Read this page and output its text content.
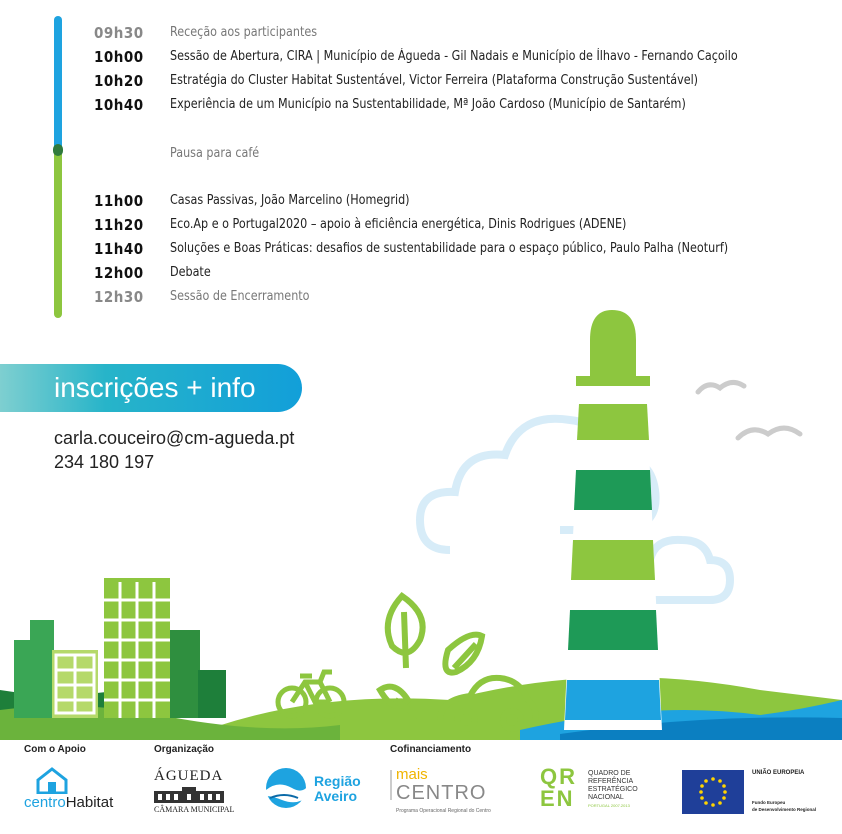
09h30	Receção aos participantes
10h00	Sessão de Abertura, CIRA | Município de Águeda - Gil Nadais e Município de Ílhavo - Fernando Caçoilo
10h20	Estratégia do Cluster Habitat Sustentável, Victor Ferreira (Plataforma Construção Sustentável)
10h40	Experiência de um Município na Sustentabilidade, Mª João Cardoso (Município de Santarém)
Pausa para café
11h00	Casas Passivas, João Marcelino (Homegrid)
11h20	Eco.Ap e o Portugal2020 – apoio à eficiência energética, Dinis Rodrigues (ADENE)
11h40	Soluções e Boas Práticas: desafios de sustentabilidade para o espaço público, Paulo Palha (Neoturf)
12h00	Debate
12h30	Sessão de Encerramento
inscrições + info
carla.couceiro@cm-agueda.pt
234 180 197
Com o Apoio	Organização	Cofinanciamento
centroHabitat
ÁGUEDA
CÂMARA MUNICIPAL
Região
Aveiro
mais
CENTRO
Programa Operacional Regional do Centro
QR
EN
QUADRO DE
REFERÊNCIA
ESTRATÉGICO
NACIONAL
PORTUGAL 2007.2013
UNIÃO EUROPEIA
Fundo Europeu
de Desenvolvimento Regional
